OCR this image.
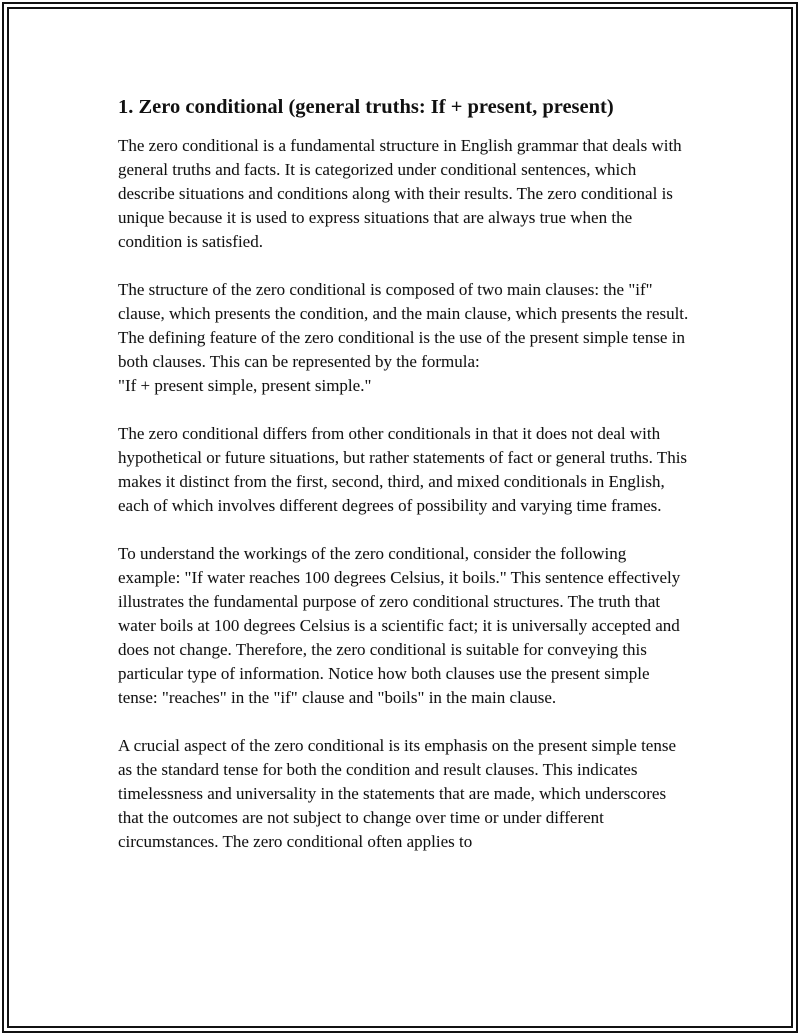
1. Zero conditional (general truths: If + present, present)

The zero conditional is a fundamental structure in English grammar that deals with general truths and facts. It is categorized under conditional sentences, which describe situations and conditions along with their results. The zero conditional is unique because it is used to express situations that are always true when the condition is satisfied.

The structure of the zero conditional is composed of two main clauses: the "if" clause, which presents the condition, and the main clause, which presents the result. The defining feature of the zero conditional is the use of the present simple tense in both clauses. This can be represented by the formula:
"If + present simple, present simple."

The zero conditional differs from other conditionals in that it does not deal with hypothetical or future situations, but rather statements of fact or general truths. This makes it distinct from the first, second, third, and mixed conditionals in English, each of which involves different degrees of possibility and varying time frames.

To understand the workings of the zero conditional, consider the following example: "If water reaches 100 degrees Celsius, it boils." This sentence effectively illustrates the fundamental purpose of zero conditional structures. The truth that water boils at 100 degrees Celsius is a scientific fact; it is universally accepted and does not change. Therefore, the zero conditional is suitable for conveying this particular type of information. Notice how both clauses use the present simple tense: "reaches" in the "if" clause and "boils" in the main clause.

A crucial aspect of the zero conditional is its emphasis on the present simple tense as the standard tense for both the condition and result clauses. This indicates timelessness and universality in the statements that are made, which underscores that the outcomes are not subject to change over time or under different circumstances. The zero conditional often applies to
